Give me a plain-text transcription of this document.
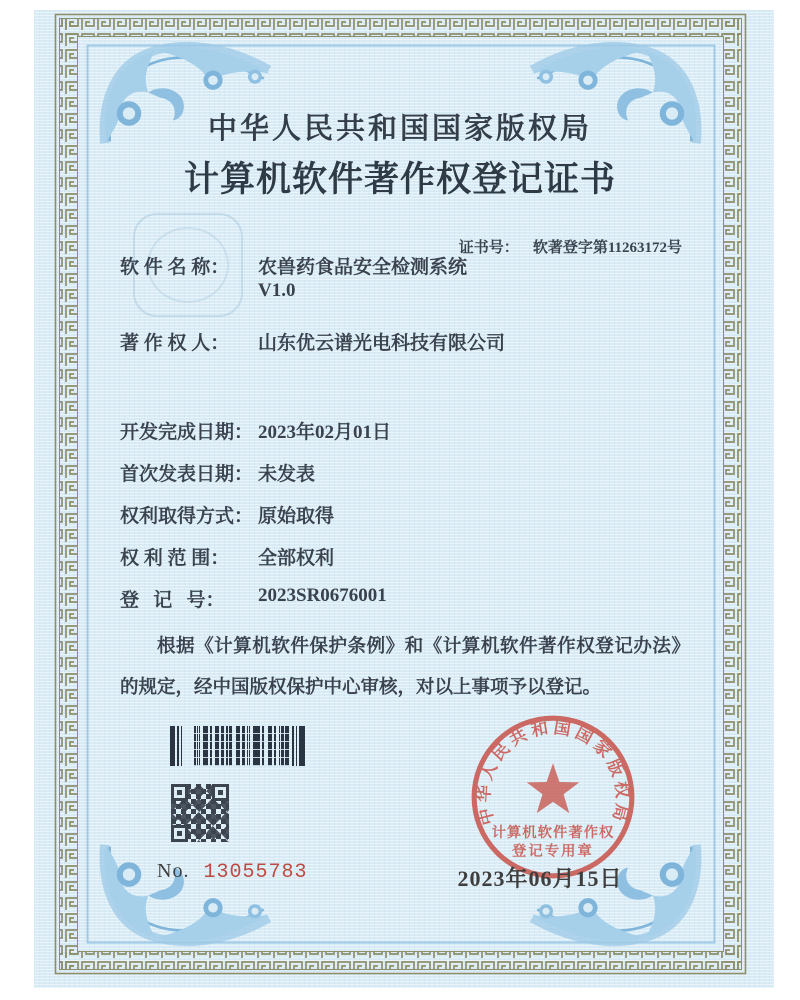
中华人民共和国国家版权局
计算机软件著作权登记证书

证书号： 软著登字第11263172号

软 件 名 称： 农兽药食品安全检测系统
V1.0
著 作 权 人： 山东优云谱光电科技有限公司
开发完成日期： 2023年02月01日
首次发表日期： 未发表
权利取得方式： 原始取得
权 利 范 围： 全部权利
登   记   号： 2023SR0676001
根据《计算机软件保护条例》和《计算机软件著作权登记办法》的规定，经中国版权保护中心审核，对以上事项予以登记。
No. 13055783
中华人民共和国国家版权局
计算机软件著作权
登记专用章
2023年06月15日
